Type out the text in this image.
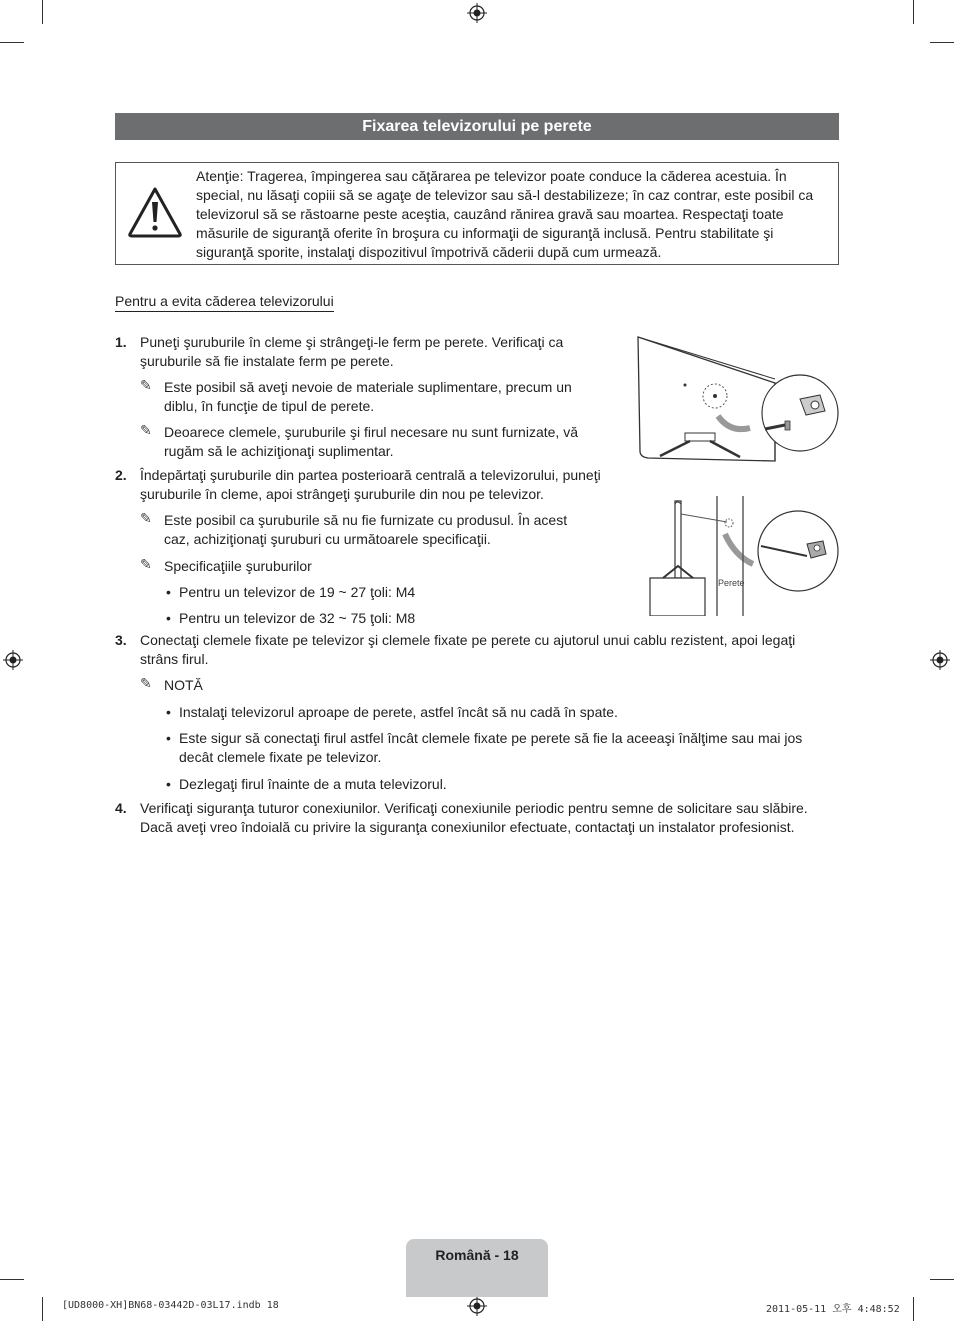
Fixarea televizorului pe perete
Atenţie: Tragerea, împingerea sau căţărarea pe televizor poate conduce la căderea acestuia. În special, nu lăsaţi copiii să se agaţe de televizor sau să-l destabilizeze; în caz contrar, este posibil ca televizorul să se răstoarne peste aceştia, cauzând rănirea gravă sau moartea. Respectaţi toate măsurile de siguranţă oferite în broşura cu informaţii de siguranţă inclusă. Pentru stabilitate şi siguranţă sporite, instalaţi dispozitivul împotrivă căderii după cum urmează.
Pentru a evita căderea televizorului
1. Puneţi şuruburile în cleme şi strângeţi-le ferm pe perete. Verificaţi ca
şuruburile să fie instalate ferm pe perete.
✎ Este posibil să aveţi nevoie de materiale suplimentare, precum un
diblu, în funcţie de tipul de perete.
✎ Deoarece clemele, şuruburile şi firul necesare nu sunt furnizate, vă
rugăm să le achiziţionaţi suplimentar.
2. Îndepărtaţi şuruburile din partea posterioară centrală a televizorului, puneţi
şuruburile în cleme, apoi strângeţi şuruburile din nou pe televizor.
✎ Este posibil ca şuruburile să nu fie furnizate cu produsul. În acest
caz, achiziţionaţi şuruburi cu următoarele specificaţii.
✎ Specificaţiile şuruburilor
• Pentru un televizor de 19 ~ 27 ţoli: M4
• Pentru un televizor de 32 ~ 75 ţoli: M8
3. Conectaţi clemele fixate pe televizor şi clemele fixate pe perete cu ajutorul unui cablu rezistent, apoi legaţi
strâns firul.
✎ NOTĂ
• Instalaţi televizorul aproape de perete, astfel încât să nu cadă în spate.
• Este sigur să conectaţi firul astfel încât clemele fixate pe perete să fie la aceeaşi înălţime sau mai jos
decât clemele fixate pe televizor.
• Dezlegaţi firul înainte de a muta televizorul.
4. Verificaţi siguranţa tuturor conexiunilor. Verificaţi conexiunile periodic pentru semne de solicitare sau slăbire.
Dacă aveţi vreo îndoială cu privire la siguranţa conexiunilor efectuate, contactaţi un instalator profesionist.
Perete
Română - 18
[UD8000-XH]BN68-03442D-03L17.indb 18	2011-05-11 오후 4:48:52
